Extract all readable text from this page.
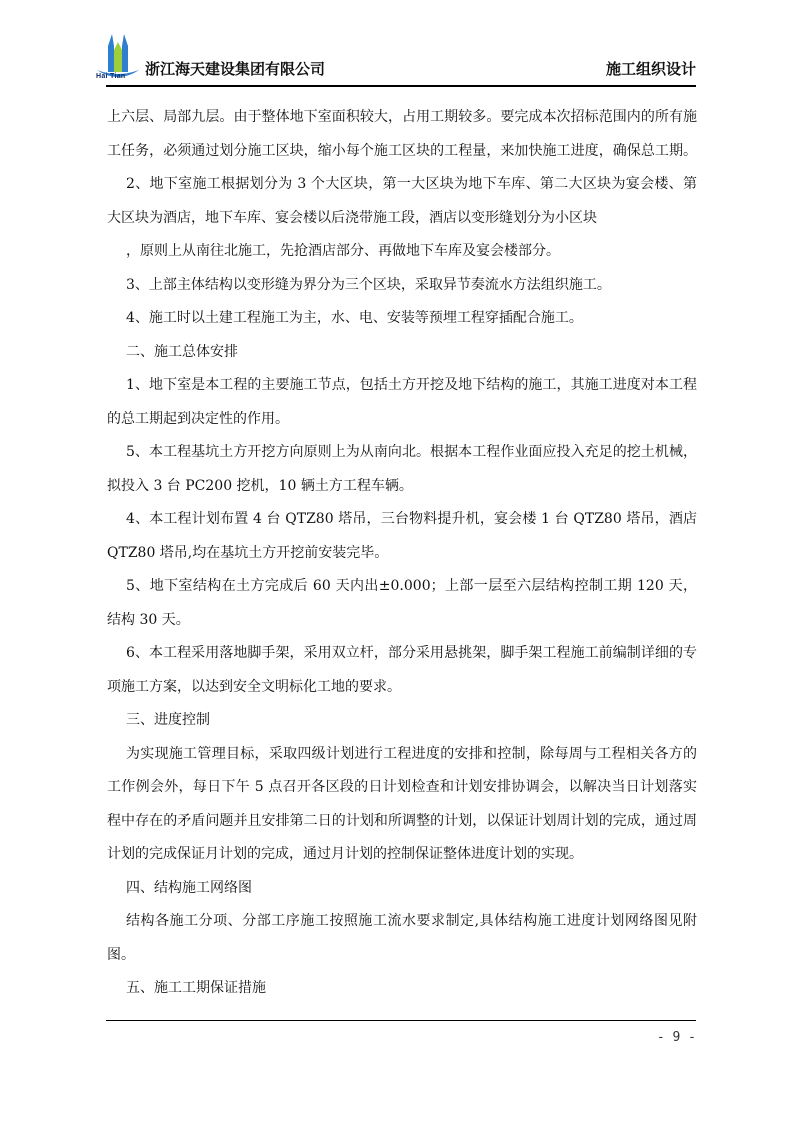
Hai Tian 浙江海天建设集团有限公司	施工组织设计
上六层、局部九层。由于整体地下室面积较大，占用工期较多。要完成本次招标范围内的所有施
工任务，必须通过划分施工区块，缩小每个施工区块的工程量，来加快施工进度，确保总工期。
2、地下室施工根据划分为 3 个大区块，第一大区块为地下车库、第二大区块为宴会楼、第
大区块为酒店，地下车库、宴会楼以后浇带施工段，酒店以变形缝划分为小区块
，原则上从南往北施工，先抢酒店部分、再做地下车库及宴会楼部分。
3、上部主体结构以变形缝为界分为三个区块，采取异节奏流水方法组织施工。
4、施工时以土建工程施工为主，水、电、安装等预埋工程穿插配合施工。
二、施工总体安排
1、地下室是本工程的主要施工节点，包括土方开挖及地下结构的施工，其施工进度对本工程
的总工期起到决定性的作用。
5、本工程基坑土方开挖方向原则上为从南向北。根据本工程作业面应投入充足的挖土机械，
拟投入 3 台 PC200 挖机，10 辆土方工程车辆。
4、本工程计划布置 4 台 QTZ80 塔吊，三台物料提升机，宴会楼 1 台 QTZ80 塔吊，酒店
QTZ80 塔吊,均在基坑土方开挖前安装完毕。
5、地下室结构在土方完成后 60 天内出±0.000；上部一层至六层结构控制工期 120 天，
结构 30 天。
6、本工程采用落地脚手架，采用双立杆，部分采用悬挑架，脚手架工程施工前编制详细的专
项施工方案，以达到安全文明标化工地的要求。
三、进度控制
为实现施工管理目标，采取四级计划进行工程进度的安排和控制，除每周与工程相关各方的
工作例会外，每日下午 5 点召开各区段的日计划检查和计划安排协调会，以解决当日计划落实
程中存在的矛盾问题并且安排第二日的计划和所调整的计划，以保证计划周计划的完成，通过周
计划的完成保证月计划的完成，通过月计划的控制保证整体进度计划的实现。
四、结构施工网络图
结构各施工分项、分部工序施工按照施工流水要求制定,具体结构施工进度计划网络图见附
图。
五、施工工期保证措施
- 9 -
